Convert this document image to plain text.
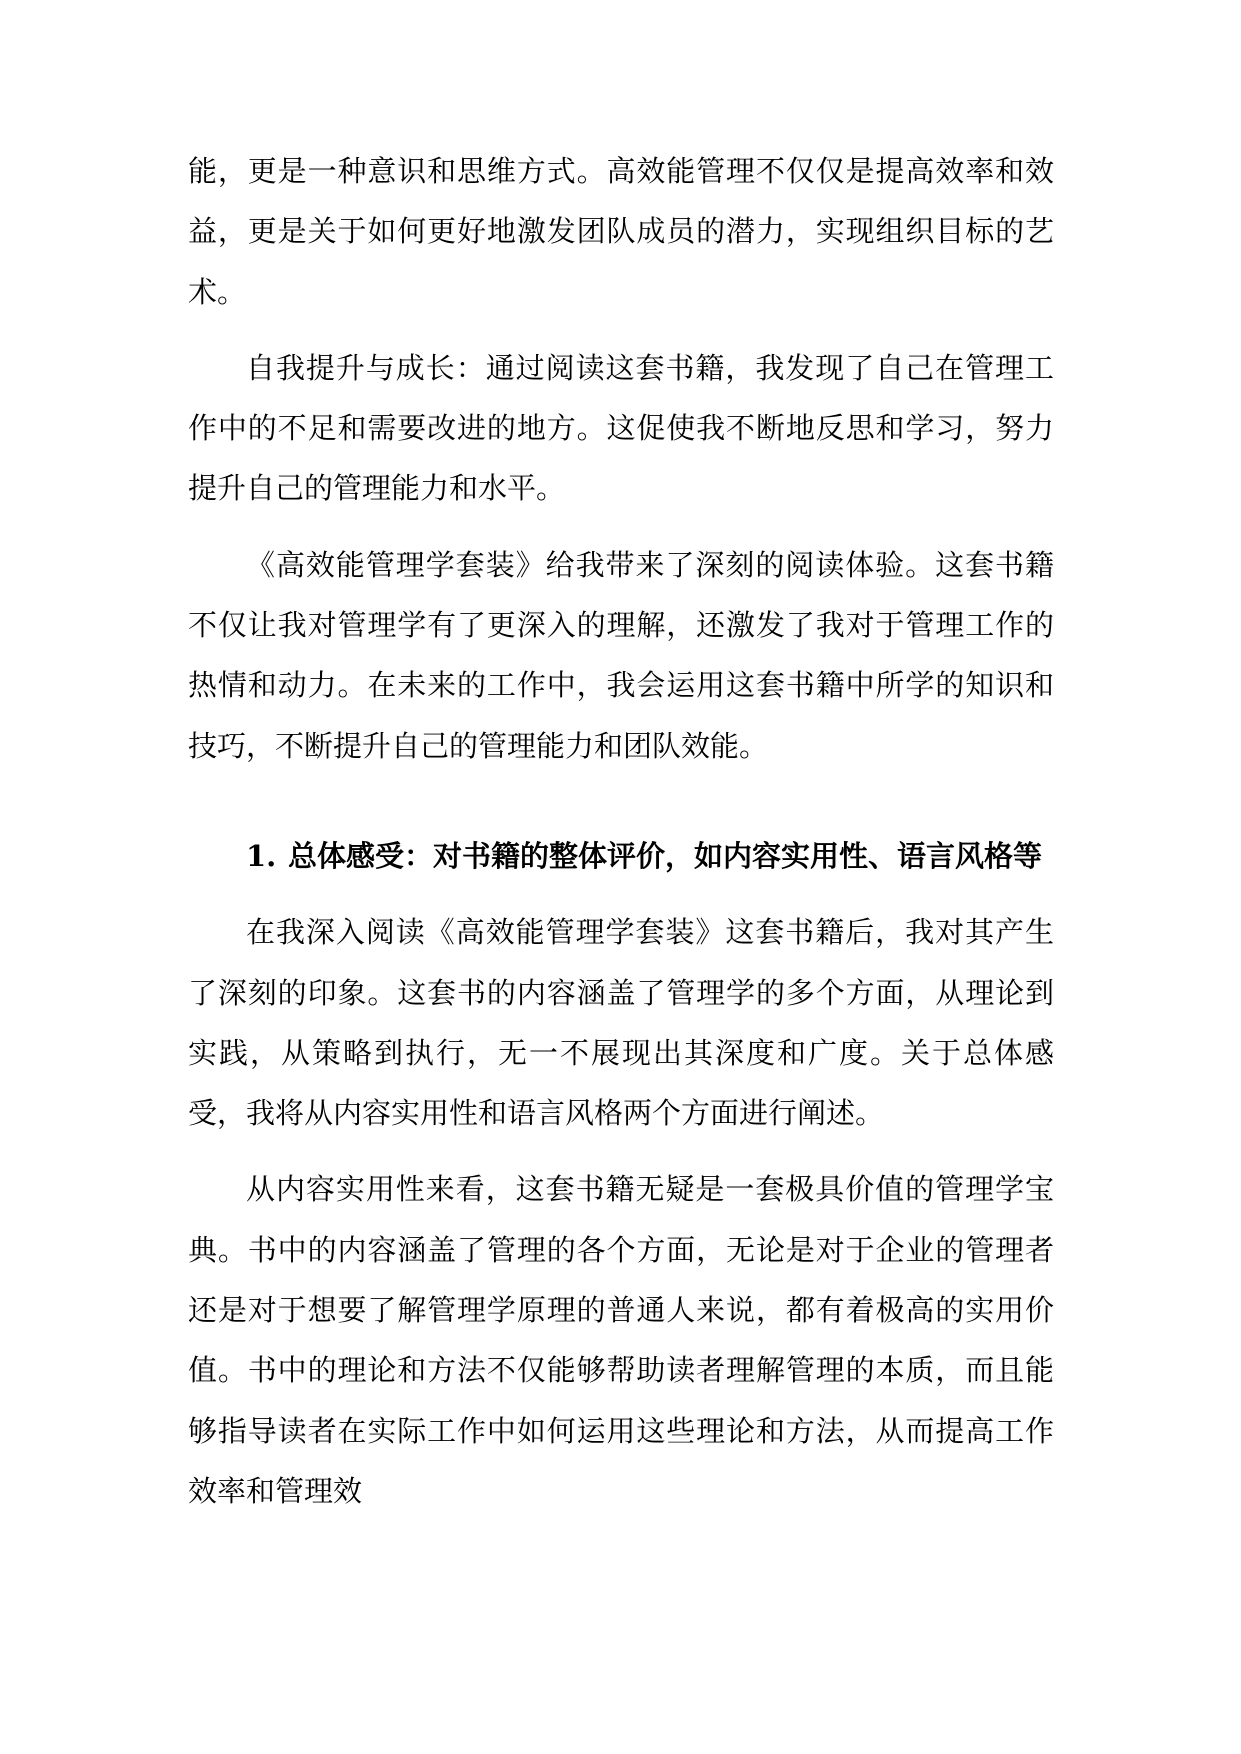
能，更是一种意识和思维方式。高效能管理不仅仅是提高效率和效益，更是关于如何更好地激发团队成员的潜力，实现组织目标的艺术。

自我提升与成长：通过阅读这套书籍，我发现了自己在管理工作中的不足和需要改进的地方。这促使我不断地反思和学习，努力提升自己的管理能力和水平。

《高效能管理学套装》给我带来了深刻的阅读体验。这套书籍不仅让我对管理学有了更深入的理解，还激发了我对于管理工作的热情和动力。在未来的工作中，我会运用这套书籍中所学的知识和技巧，不断提升自己的管理能力和团队效能。

1. 总体感受：对书籍的整体评价，如内容实用性、语言风格等

在我深入阅读《高效能管理学套装》这套书籍后，我对其产生了深刻的印象。这套书的内容涵盖了管理学的多个方面，从理论到实践，从策略到执行，无一不展现出其深度和广度。关于总体感受，我将从内容实用性和语言风格两个方面进行阐述。

从内容实用性来看，这套书籍无疑是一套极具价值的管理学宝典。书中的内容涵盖了管理的各个方面，无论是对于企业的管理者还是对于想要了解管理学原理的普通人来说，都有着极高的实用价值。书中的理论和方法不仅能够帮助读者理解管理的本质，而且能够指导读者在实际工作中如何运用这些理论和方法，从而提高工作效率和管理效
